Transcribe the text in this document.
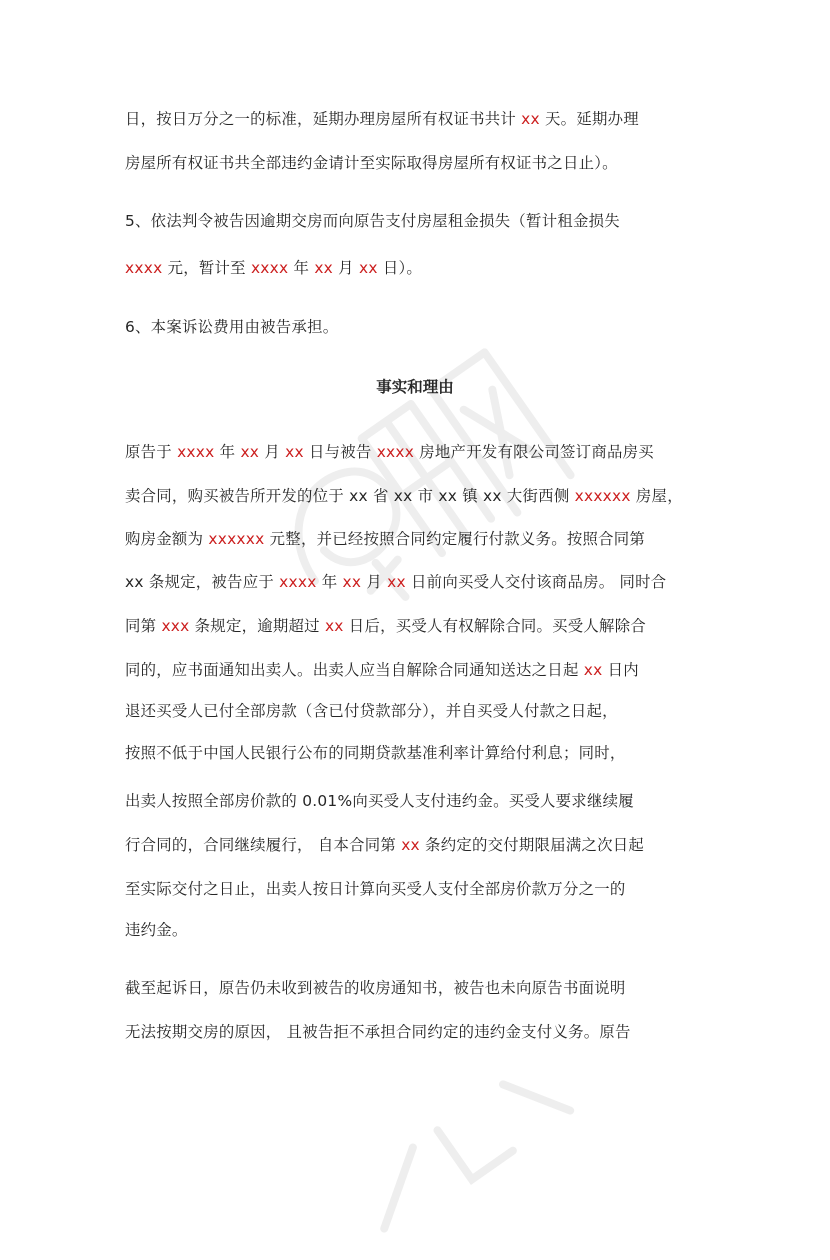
日，按日万分之一的标准，延期办理房屋所有权证书共计 xx 天。延期办理
房屋所有权证书共全部违约金请计至实际取得房屋所有权证书之日止）。
5、依法判令被告因逾期交房而向原告支付房屋租金损失（暂计租金损失
xxxx 元，暂计至 xxxx 年 xx 月 xx 日）。
6、本案诉讼费用由被告承担。
事实和理由
原告于 xxxx 年 xx 月 xx 日与被告 xxxx 房地产开发有限公司签订商品房买
卖合同，购买被告所开发的位于 xx 省 xx 市 xx 镇 xx 大街西侧 xxxxxx 房屋，
购房金额为 xxxxxx 元整，并已经按照合同约定履行付款义务。按照合同第
xx 条规定，被告应于 xxxx 年 xx 月 xx 日前向买受人交付该商品房。 同时合
同第 xxx 条规定，逾期超过 xx 日后，买受人有权解除合同。买受人解除合
同的，应书面通知出卖人。出卖人应当自解除合同通知送达之日起 xx 日内
退还买受人已付全部房款（含已付贷款部分），并自买受人付款之日起，
按照不低于中国人民银行公布的同期贷款基准利率计算给付利息；同时，
出卖人按照全部房价款的 0.01%向买受人支付违约金。买受人要求继续履
行合同的，合同继续履行， 自本合同第 xx 条约定的交付期限届满之次日起
至实际交付之日止，出卖人按日计算向买受人支付全部房价款万分之一的
违约金。
截至起诉日，原告仍未收到被告的收房通知书，被告也未向原告书面说明
无法按期交房的原因， 且被告拒不承担合同约定的违约金支付义务。原告
